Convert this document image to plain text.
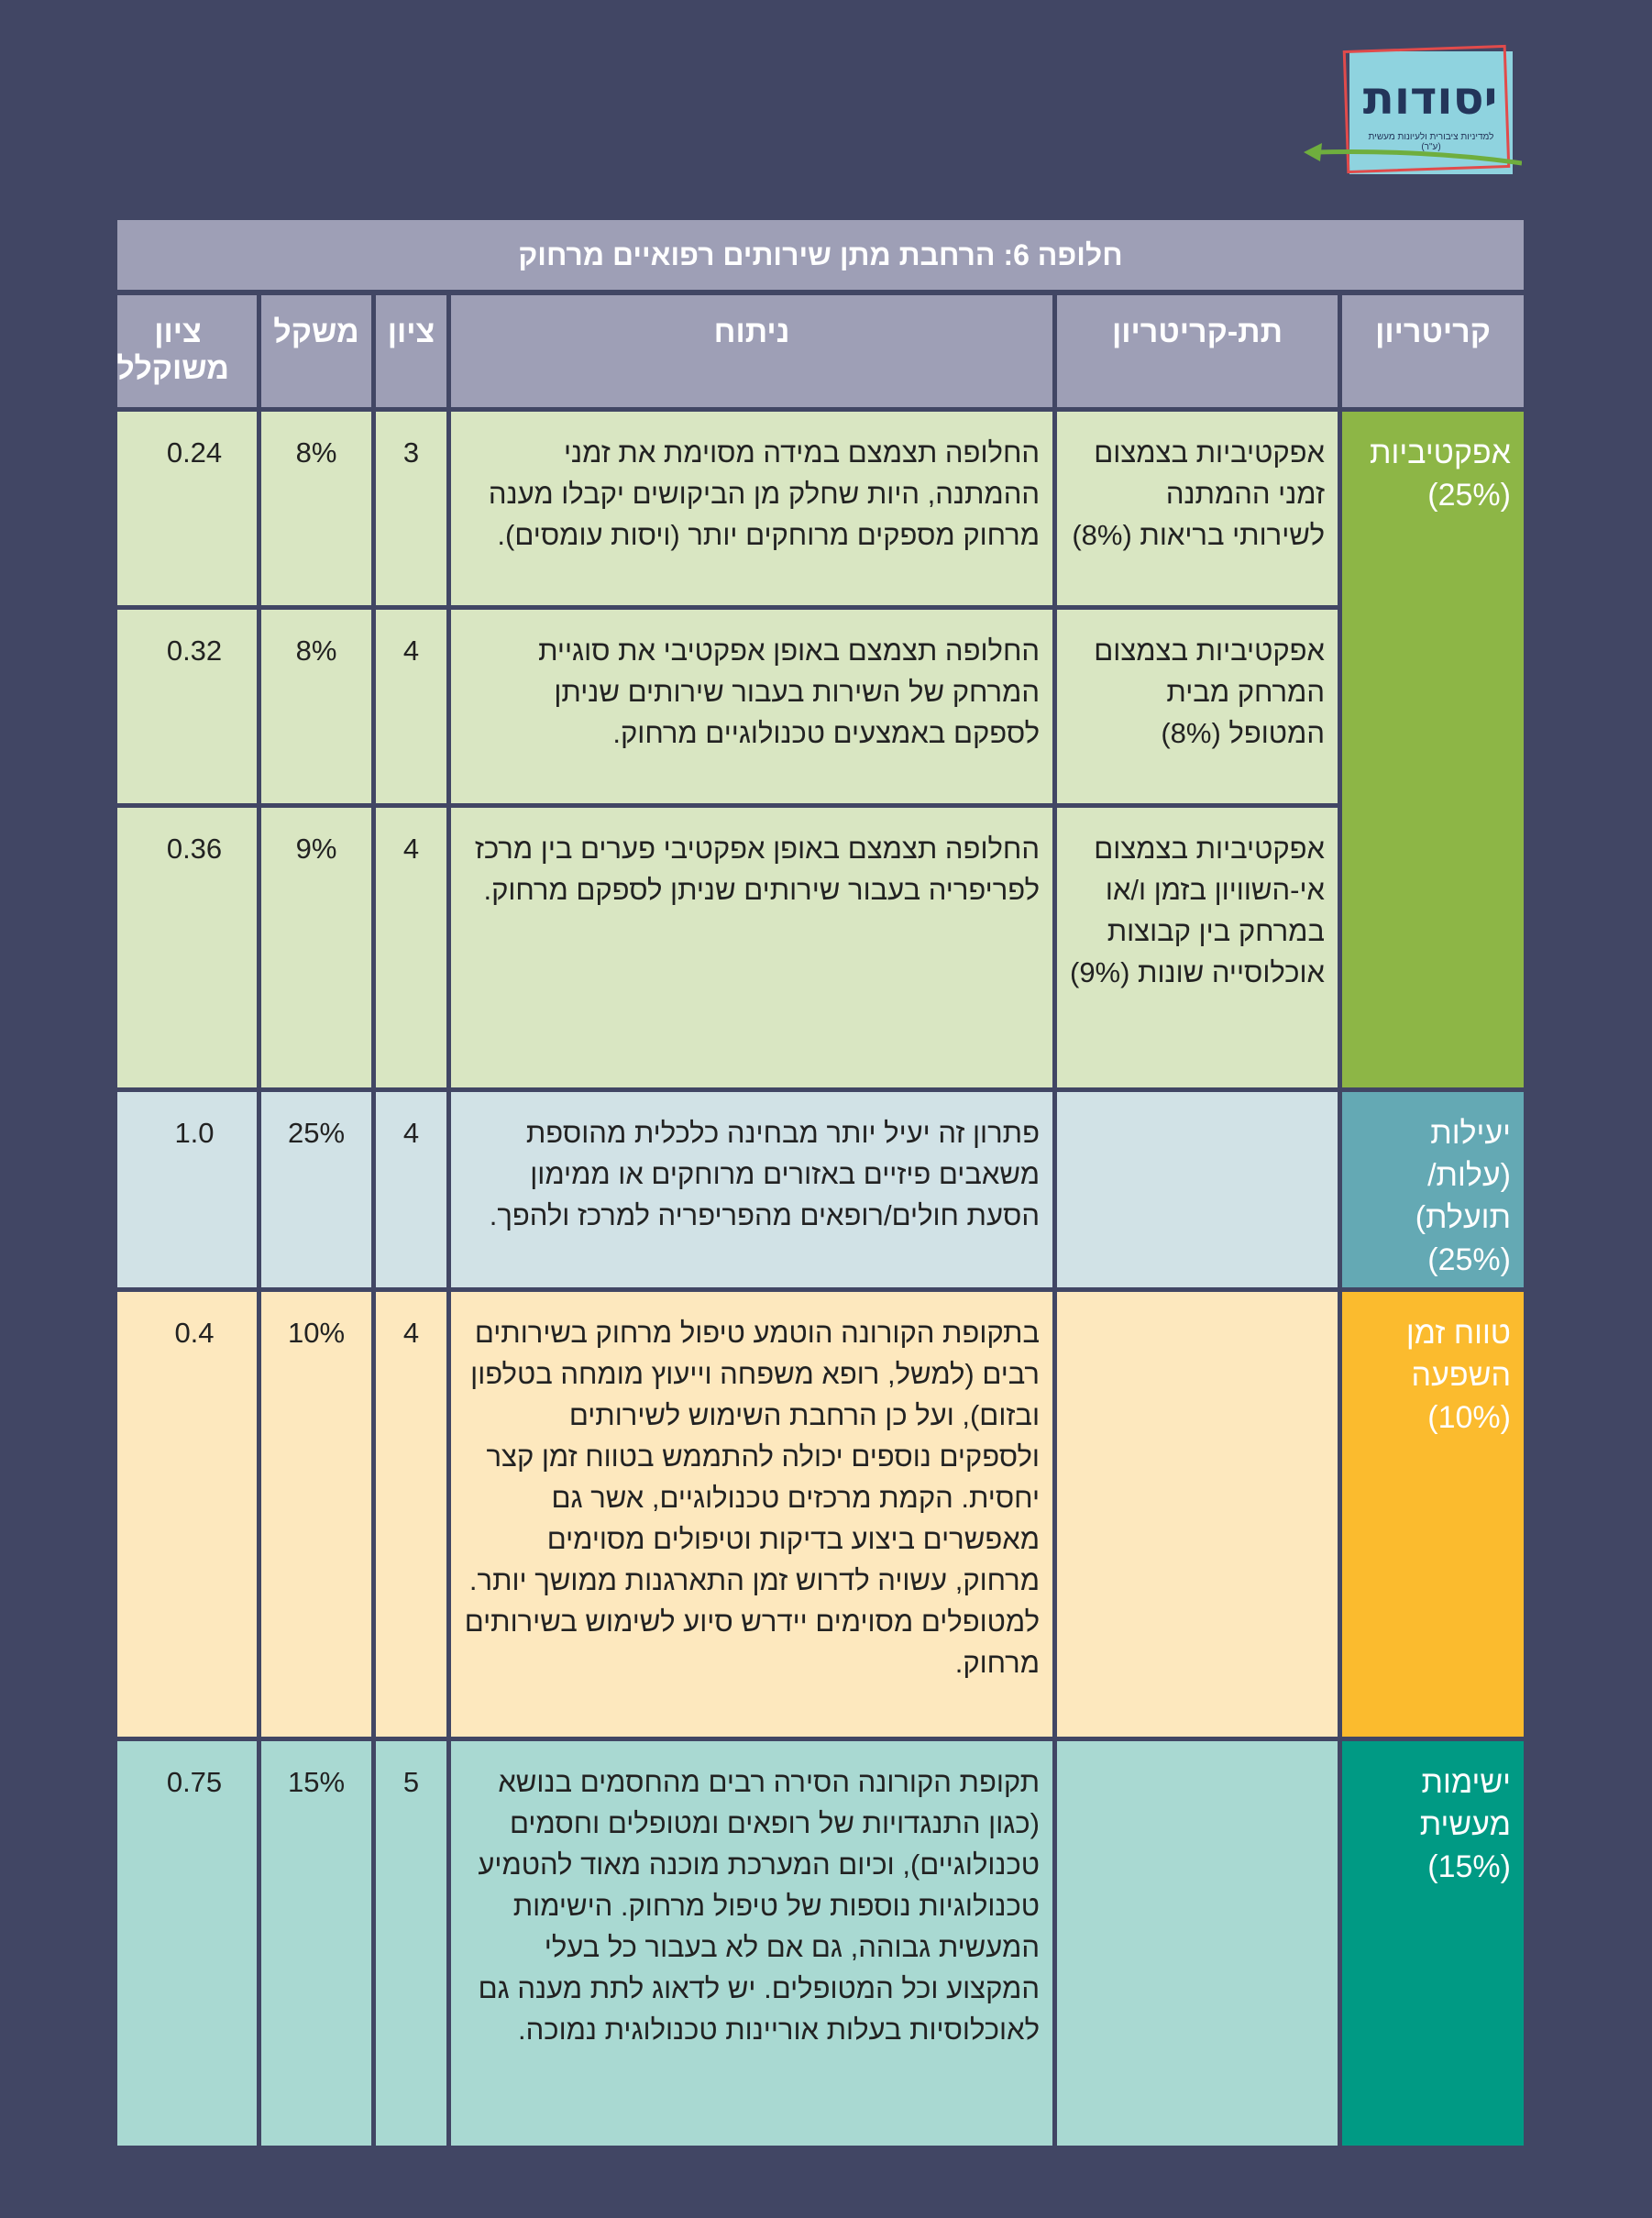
יסודות
למדיניות ציבורית ולעיונות מעשית (ע"ר)
חלופה 6: הרחבת מתן שירותים רפואיים מרחוק
קריטריון
תת-קריטריון
ניתוח
ציון
משקל
ציון משוקלל
אפקטיביות (25%)
יעילות (עלות/ תועלת) (25%)
טווח זמן השפעה (10%)
ישימות מעשית (15%)
אפקטיביות בצמצום זמני ההמתנה לשירותי בריאות (8%)
החלופה תצמצם במידה מסוימת את זמני ההמתנה, היות שחלק מן הביקושים יקבלו מענה מרחוק מספקים מרוחקים יותר (ויסות עומסים).
3
8%
0.24
אפקטיביות בצמצום המרחק מבית המטופל (8%)
החלופה תצמצם באופן אפקטיבי את סוגיית המרחק של השירות בעבור שירותים שניתן לספקם באמצעים טכנולוגיים מרחוק.
4
8%
0.32
אפקטיביות בצמצום אי-השוויון בזמן ו/או במרחק בין קבוצות אוכלוסייה שונות (9%)
החלופה תצמצם באופן אפקטיבי פערים בין מרכז לפריפריה בעבור שירותים שניתן לספקם מרחוק.
4
9%
0.36
פתרון זה יעיל יותר מבחינה כלכלית מהוספת משאבים פיזיים באזורים מרוחקים או ממימון הסעת חולים/רופאים מהפריפריה למרכז ולהפך.
4
25%
1.0
בתקופת הקורונה הוטמע טיפול מרחוק בשירותים רבים (למשל, רופא משפחה וייעוץ מומחה בטלפון ובזום), ועל כן הרחבת השימוש לשירותים ולספקים נוספים יכולה להתממש בטווח זמן קצר יחסית. הקמת מרכזים טכנולוגיים, אשר גם מאפשרים ביצוע בדיקות וטיפולים מסוימים מרחוק, עשויה לדרוש זמן התארגנות ממושך יותר. למטופלים מסוימים יידרש סיוע לשימוש בשירותים מרחוק.
4
10%
0.4
תקופת הקורונה הסירה רבים מהחסמים בנושא (כגון התנגדויות של רופאים ומטופלים וחסמים טכנולוגיים), וכיום המערכת מוכנה מאוד להטמיע טכנולוגיות נוספות של טיפול מרחוק. הישימות המעשית גבוהה, גם אם לא בעבור כל בעלי המקצוע וכל המטופלים. יש לדאוג לתת מענה גם לאוכלוסיות בעלות אוריינות טכנולוגית נמוכה.
5
15%
0.75
